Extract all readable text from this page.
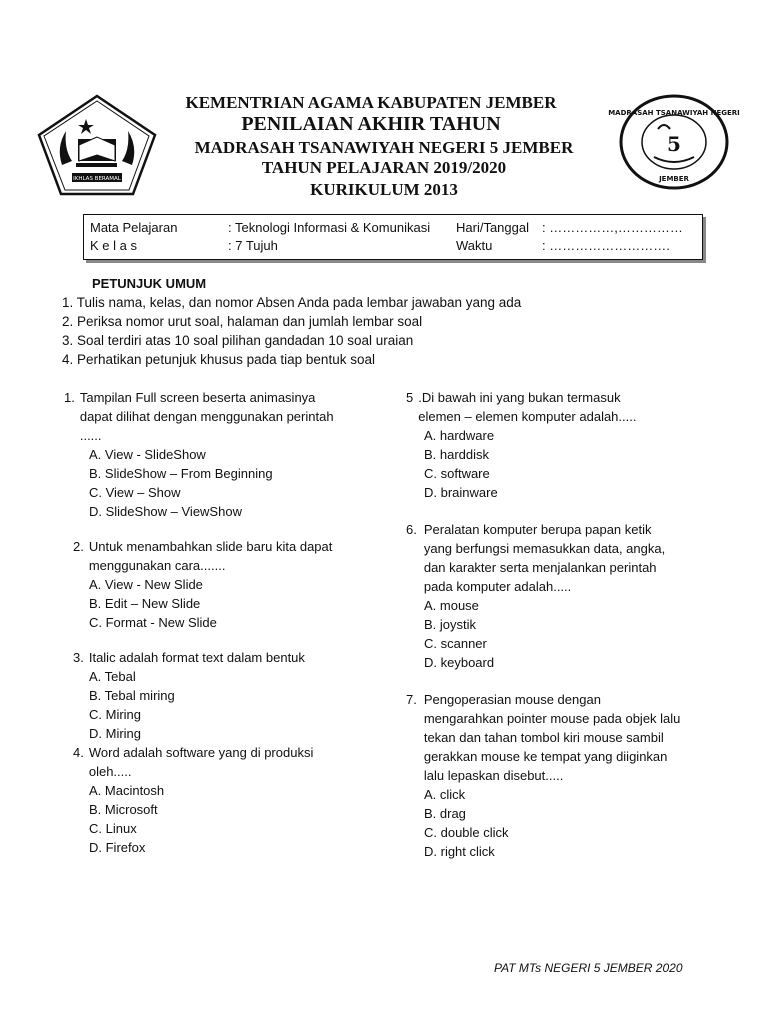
IKHLAS BERAMAL
MADRASAH TSANAWIYAH NEGERI
5
JEMBER
KEMENTRIAN AGAMA KABUPATEN JEMBER
PENILAIAN AKHIR TAHUN
MADRASAH TSANAWIYAH NEGERI 5 JEMBER
TAHUN PELAJARAN 2019/2020
KURIKULUM 2013
Mata Pelajaran	: Teknologi Informasi & Komunikasi Hari/Tanggal : ……………,……………
K e l a s	: 7 Tujuh	Waktu	: ……………………….
PETUNJUK UMUM
1. Tulis nama, kelas, dan nomor Absen Anda pada lembar jawaban yang ada
2. Periksa nomor urut soal, halaman dan jumlah lembar soal
3. Soal terdiri atas 10 soal pilihan gandadan 10 soal uraian
4. Perhatikan petunjuk khusus pada tiap bentuk soal
1. Tampilan Full screen beserta animasinya dapat dilihat dengan menggunakan perintah ......
A. View - SlideShow
B. SlideShow – From Beginning
C. View – Show
D. SlideShow – ViewShow
2. Untuk menambahkan slide baru kita dapat menggunakan cara.......
A. View - New Slide
B. Edit – New Slide
C. Format - New Slide
3. Italic adalah format text dalam bentuk
A. Tebal
B. Tebal miring
C. Miring
D. Miring
4. Word adalah software yang di produksi oleh.....
A. Macintosh
B. Microsoft
C. Linux
D. Firefox
5 .Di bawah ini yang bukan termasuk elemen – elemen komputer adalah.....
A. hardware
B. harddisk
C. software
D. brainware
6. Peralatan komputer berupa papan ketik yang berfungsi memasukkan data, angka, dan karakter serta menjalankan perintah pada komputer adalah.....
A. mouse
B. joystik
C. scanner
D. keyboard
7. Pengoperasian mouse dengan mengarahkan pointer mouse pada objek lalu tekan dan tahan tombol kiri mouse sambil gerakkan mouse ke tempat yang diiginkan lalu lepaskan disebut.....
A. click
B. drag
C. double click
D. right click
PAT MTs NEGERI 5 JEMBER 2020
